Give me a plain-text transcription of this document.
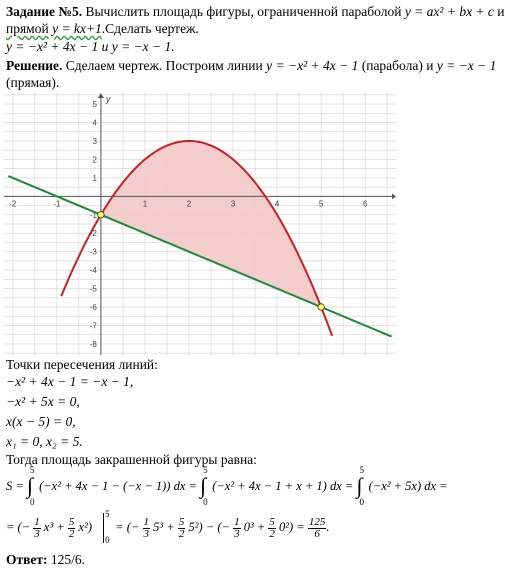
Задание №5. Вычислить площадь фигуры, ограниченной параболой y = ax² + bx + c и
прямой y = kx+1.Сделать чертеж.
y = −x² + 4x − 1 и y = −x − 1.
Решение. Сделаем чертеж. Построим линии y = −x² + 4x − 1 (парабола) и y = −x − 1
(прямая).
-2	-1	1	2	3	4	5	6
5
4
3
2
1
-1
-2
-3
-4
-5
-6
-7
-8
y
Точки пересечения линий:
−x² + 4x − 1 = −x − 1,
−x² + 5x = 0,
x(x − 5) = 0,
x₁ = 0, x₂ = 5.
Тогда площадь закрашенной фигуры равна:
S = ∫
5
0
(−x² + 4x − 1 − (−x − 1)) dx = ∫
5
0
(−x² + 4x − 1 + x + 1) dx = ∫
5
0
(−x² + 5x) dx =
= (− $\frac{1}{3} x^3 + \frac{5}{2} x^2$)
5
0
= (− $\frac{1}{3} 5^3 + \frac{5}{2} 5^2$) − (− $\frac{1}{3} 0^3 + \frac{5}{2} 0^2) = \frac{125}{6}$ .
Ответ: 125/6.
